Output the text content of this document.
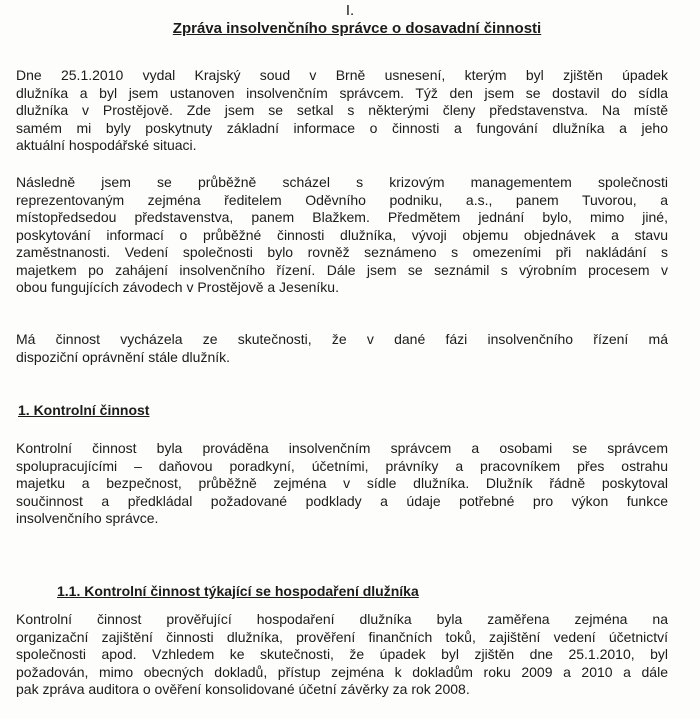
I.
Zpráva insolvenčního správce o dosavadní činnosti

Dne 25.1.2010 vydal Krajský soud v Brně usnesení, kterým byl zjištěn úpadek
dlužníka a byl jsem ustanoven insolvenčním správcem. Týž den jsem se dostavil do sídla
dlužníka v Prostějově. Zde jsem se setkal s některými členy představenstva. Na místě
samém mi byly poskytnuty základní informace o činnosti a fungování dlužníka a jeho
aktuální hospodářské situaci.

Následně jsem se průběžně scházel s krizovým managementem společnosti
reprezentovaným zejména ředitelem Oděvního podniku, a.s., panem Tuvorou, a
místopředsedou představenstva, panem Blažkem. Předmětem jednání bylo, mimo jiné,
poskytování informací o průběžné činnosti dlužníka, vývoji objemu objednávek a stavu
zaměstnanosti. Vedení společnosti bylo rovněž seznámeno s omezeními při nakládání s
majetkem po zahájení insolvenčního řízení. Dále jsem se seznámil s výrobním procesem v
obou fungujících závodech v Prostějově a Jeseníku.

Má činnost vycházela ze skutečnosti, že v dané fázi insolvenčního řízení má
dispoziční oprávnění stále dlužník.

1. Kontrolní činnost

Kontrolní činnost byla prováděna insolvenčním správcem a osobami se správcem
spolupracujícími – daňovou poradkyní, účetními, právníky a pracovníkem přes ostrahu
majetku a bezpečnost, průběžně zejména v sídle dlužníka. Dlužník řádně poskytoval
součinnost a předkládal požadované podklady a údaje potřebné pro výkon funkce
insolvenčního správce.

1.1. Kontrolní činnost týkající se hospodaření dlužníka

Kontrolní činnost prověřující hospodaření dlužníka byla zaměřena zejména na
organizační zajištění činnosti dlužníka, prověření finančních toků, zajištění vedení účetnictví
společnosti apod. Vzhledem ke skutečnosti, že úpadek byl zjištěn dne 25.1.2010, byl
požadován, mimo obecných dokladů, přístup zejména k dokladům roku 2009 a 2010 a dále
pak zpráva auditora o ověření konsolidované účetní závěrky za rok 2008.
